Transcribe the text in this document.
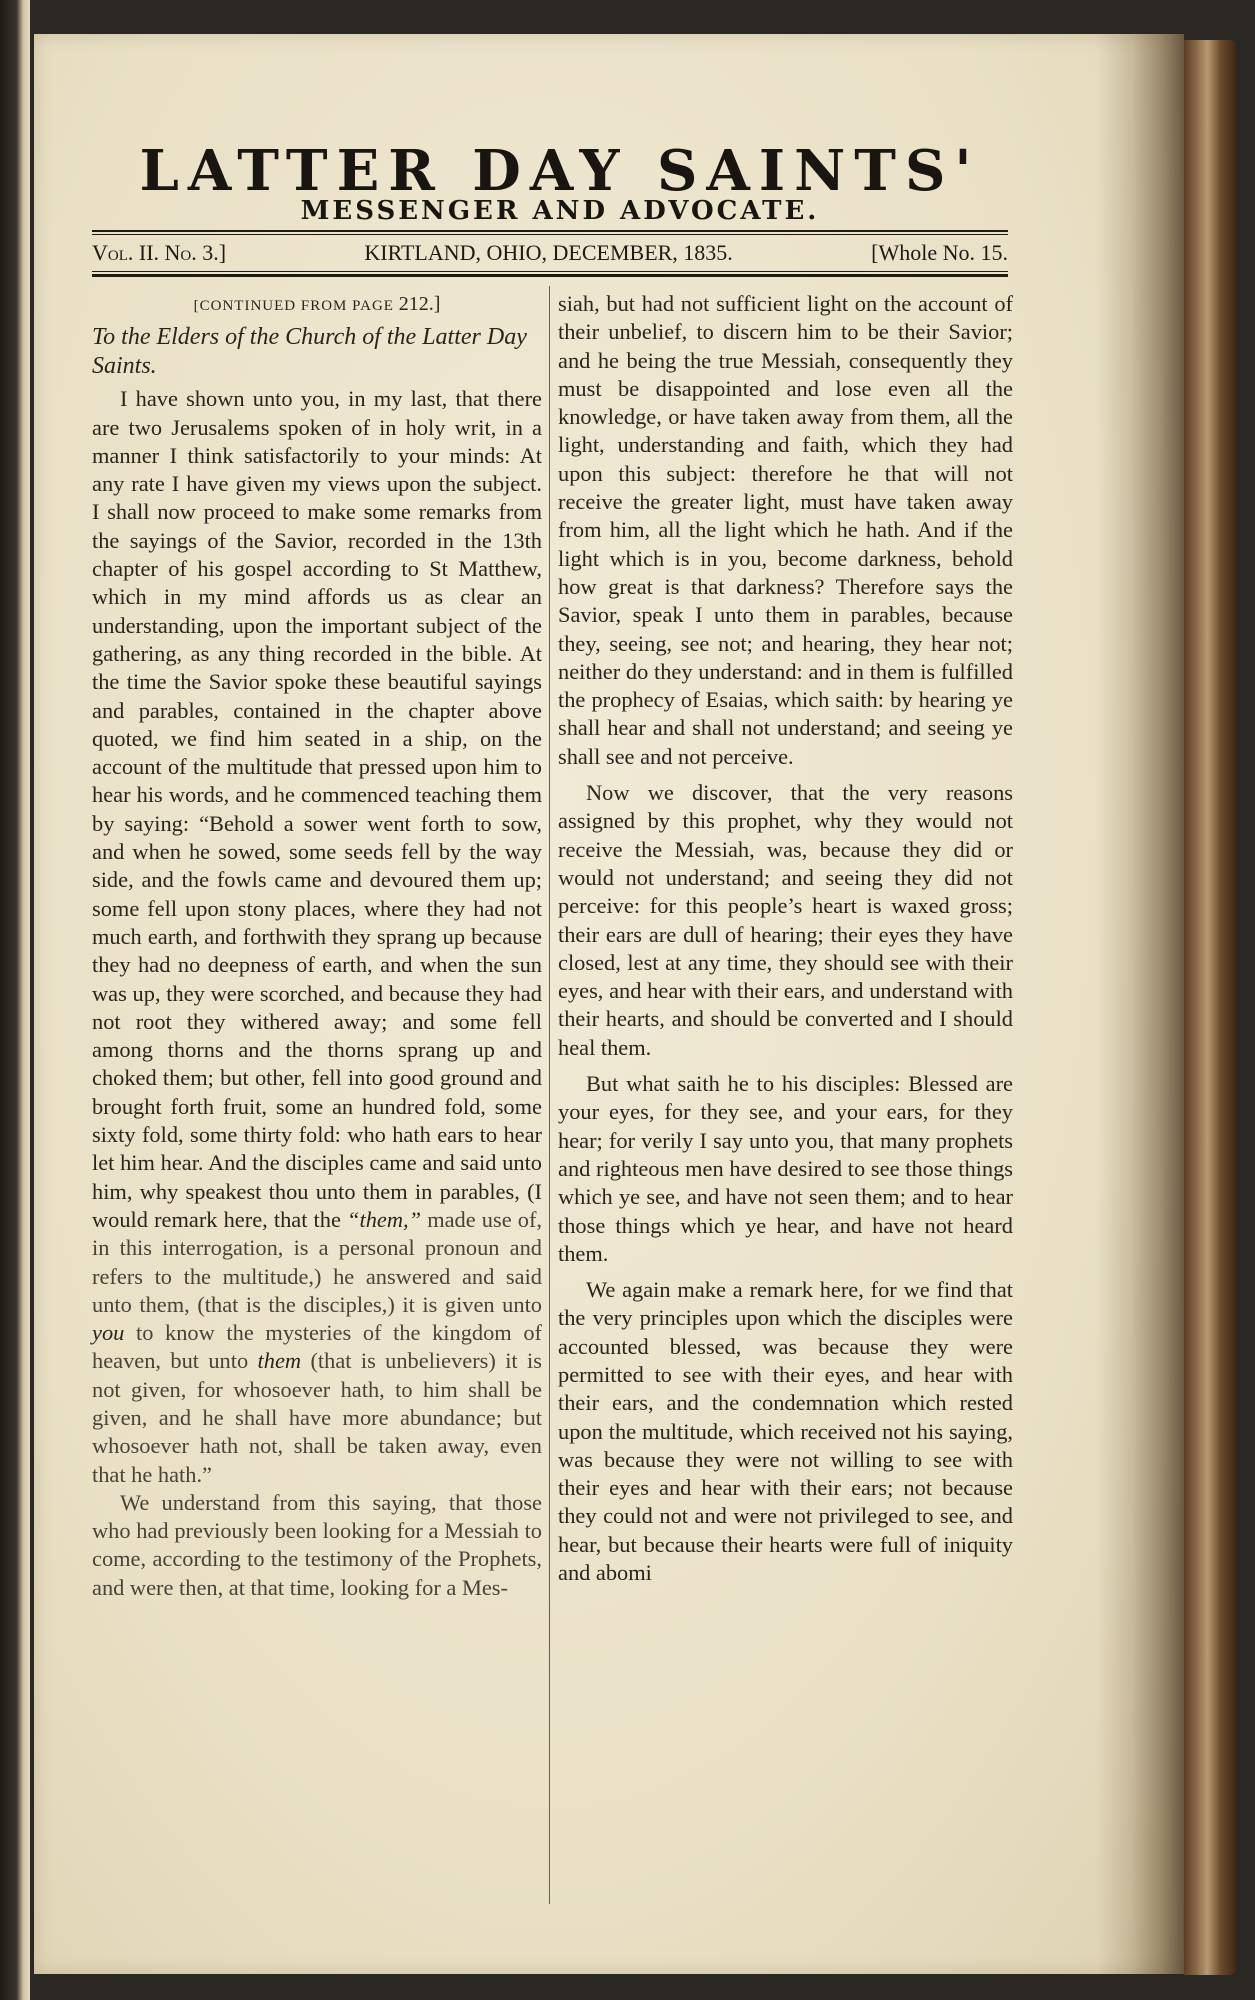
LATTER DAY SAINTS'
MESSENGER AND ADVOCATE.
Vol. II. No. 3.]	KIRTLAND, OHIO, DECEMBER, 1835.	[Whole No. 15.

[CONTINUED FROM PAGE 212.]

To the Elders of the Church of the Latter Day Saints.

I have shown unto you, in my last, that there are two Jerusalems spoken of in holy writ, in a manner I think satisfactorily to your minds: At any rate I have given my views upon the subject. I shall now proceed to make some remarks from the sayings of the Savior, recorded in the 13th chapter of his gospel according to St Matthew, which in my mind affords us as clear an understanding, upon the important subject of the gathering, as any thing recorded in the bible. At the time the Savior spoke these beautiful sayings and parables, contained in the chapter above quoted, we find him seated in a ship, on the account of the multitude that pressed upon him to hear his words, and he commenced teaching them by saying: “Behold a sower went forth to sow, and when he sowed, some seeds fell by the way side, and the fowls came and devoured them up; some fell upon stony places, where they had not much earth, and forthwith they sprang up because they had no deepness of earth, and when the sun was up, they were scorched, and because they had not root they withered away; and some fell among thorns and the thorns sprang up and choked them; but other, fell into good ground and brought forth fruit, some an hundred fold, some sixty fold, some thirty fold: who hath ears to hear let him hear. And the disciples came and said unto him, why speakest thou unto them in parables, (I would remark here, that the “them,” made use of, in this interrogation, is a personal pronoun and refers to the multitude,) he answered and said unto them, (that is the disciples,) it is given unto you to know the mysteries of the kingdom of heaven, but unto them (that is unbelievers) it is not given, for whosoever hath, to him shall be given, and he shall have more abundance; but whosoever hath not, shall be taken away, even that he hath.”

We understand from this saying, that those who had previously been looking for a Messiah to come, according to the testimony of the Prophets, and were then, at that time, looking for a Mes-

siah, but had not sufficient light on the account of their unbelief, to discern him to be their Savior; and he being the true Messiah, consequently they must be disappointed and lose even all the knowledge, or have taken away from them, all the light, understanding and faith, which they had upon this subject: therefore he that will not receive the greater light, must have taken away from him, all the light which he hath. And if the light which is in you, become darkness, behold how great is that darkness? Therefore says the Savior, speak I unto them in parables, because they, seeing, see not; and hearing, they hear not; neither do they understand: and in them is fulfilled the prophecy of Esaias, which saith: by hearing ye shall hear and shall not understand; and seeing ye shall see and not perceive.

Now we discover, that the very reasons assigned by this prophet, why they would not receive the Messiah, was, because they did or would not understand; and seeing they did not perceive: for this people’s heart is waxed gross; their ears are dull of hearing; their eyes they have closed, lest at any time, they should see with their eyes, and hear with their ears, and understand with their hearts, and should be converted and I should heal them.

But what saith he to his disciples: Blessed are your eyes, for they see, and your ears, for they hear; for verily I say unto you, that many prophets and righteous men have desired to see those things which ye see, and have not seen them; and to hear those things which ye hear, and have not heard them.

We again make a remark here, for we find that the very principles upon which the disciples were accounted blessed, was because they were permitted to see with their eyes, and hear with their ears, and the condemnation which rested upon the multitude, which received not his saying, was because they were not willing to see with their eyes and hear with their ears; not because they could not and were not privileged to see, and hear, but because their hearts were full of iniquity and abomi
